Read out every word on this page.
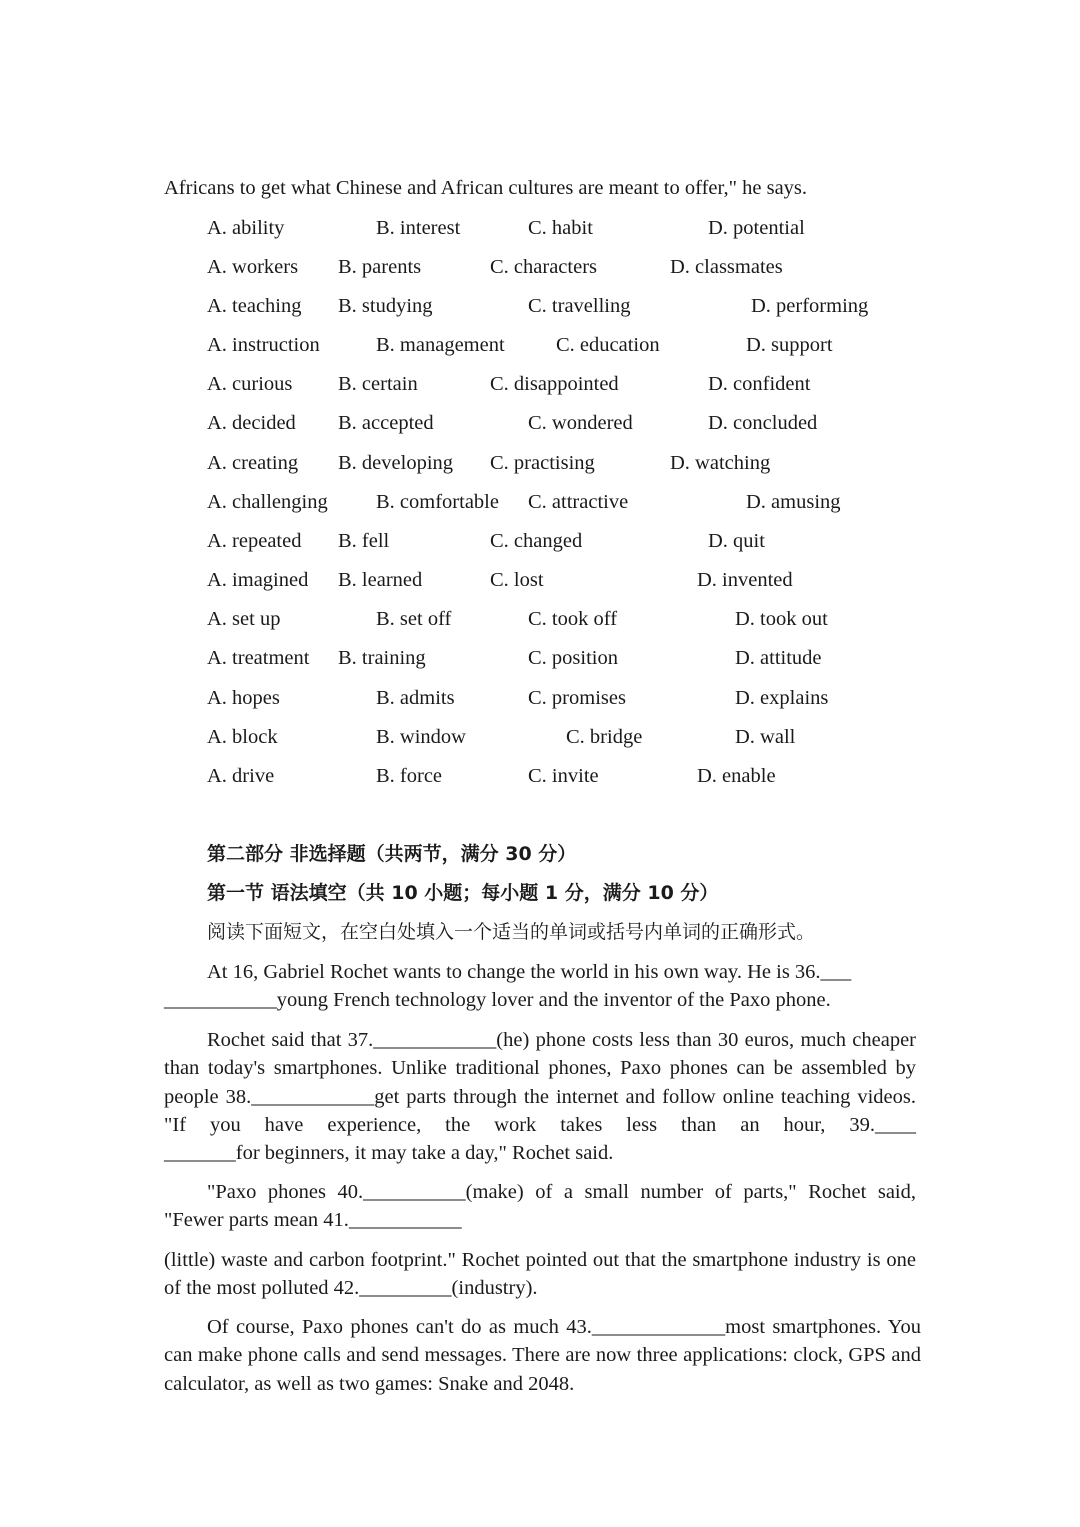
Africans to get what Chinese and African cultures are meant to offer," he says.
A. ability	B. interest	C. habit	D. potential
A. workers B. parents	C. characters	D. classmates
A. teaching B. studying	C. travelling	D. performing
A. instruction	B. management	C. education	D. support
A. curious B. certain	C. disappointed	D. confident
A. decided B. accepted	C. wondered	D. concluded
A. creating B. developing C. practising	D. watching
A. challenging B. comfortable C. attractive	D. amusing
A. repeated B. fell	C. changed	D. quit
A. imagined B. learned	C. lost	D. invented
A. set up	B. set off	C. took off	D. took out
A. treatment B. training	C. position	D. attitude
A. hopes	B. admits	C. promises	D. explains
A. block	B. window	C. bridge	D. wall
A. drive	B. force	C. invite	D. enable
第二部分 非选择题（共两节，满分 30 分）
第一节 语法填空（共 10 小题；每小题 1 分，满分 10 分）
阅读下面短文，在空白处填入一个适当的单词或括号内单词的正确形式。
At 16, Gabriel Rochet wants to change the world in his own way. He is 36.___
___________young French technology lover and the inventor of the Paxo phone.
Rochet said that 37.____________(he) phone costs less than 30 euros, much cheaper than today's smartphones. Unlike traditional phones, Paxo phones can be assembled by people 38.____________get parts through the internet and follow online teaching videos. "If you have experience, the work takes less than an hour, 39.____
_______for beginners, it may take a day," Rochet said.
"Paxo phones 40.__________(make) of a small number of parts," Rochet said, "Fewer parts mean 41.___________
(little) waste and carbon footprint." Rochet pointed out that the smartphone industry is one of the most polluted 42._________(industry).
Of course, Paxo phones can't do as much 43._____________most smartphones. You can make phone calls and send messages. There are now three applications: clock, GPS and calculator, as well as two games: Snake and 2048.
